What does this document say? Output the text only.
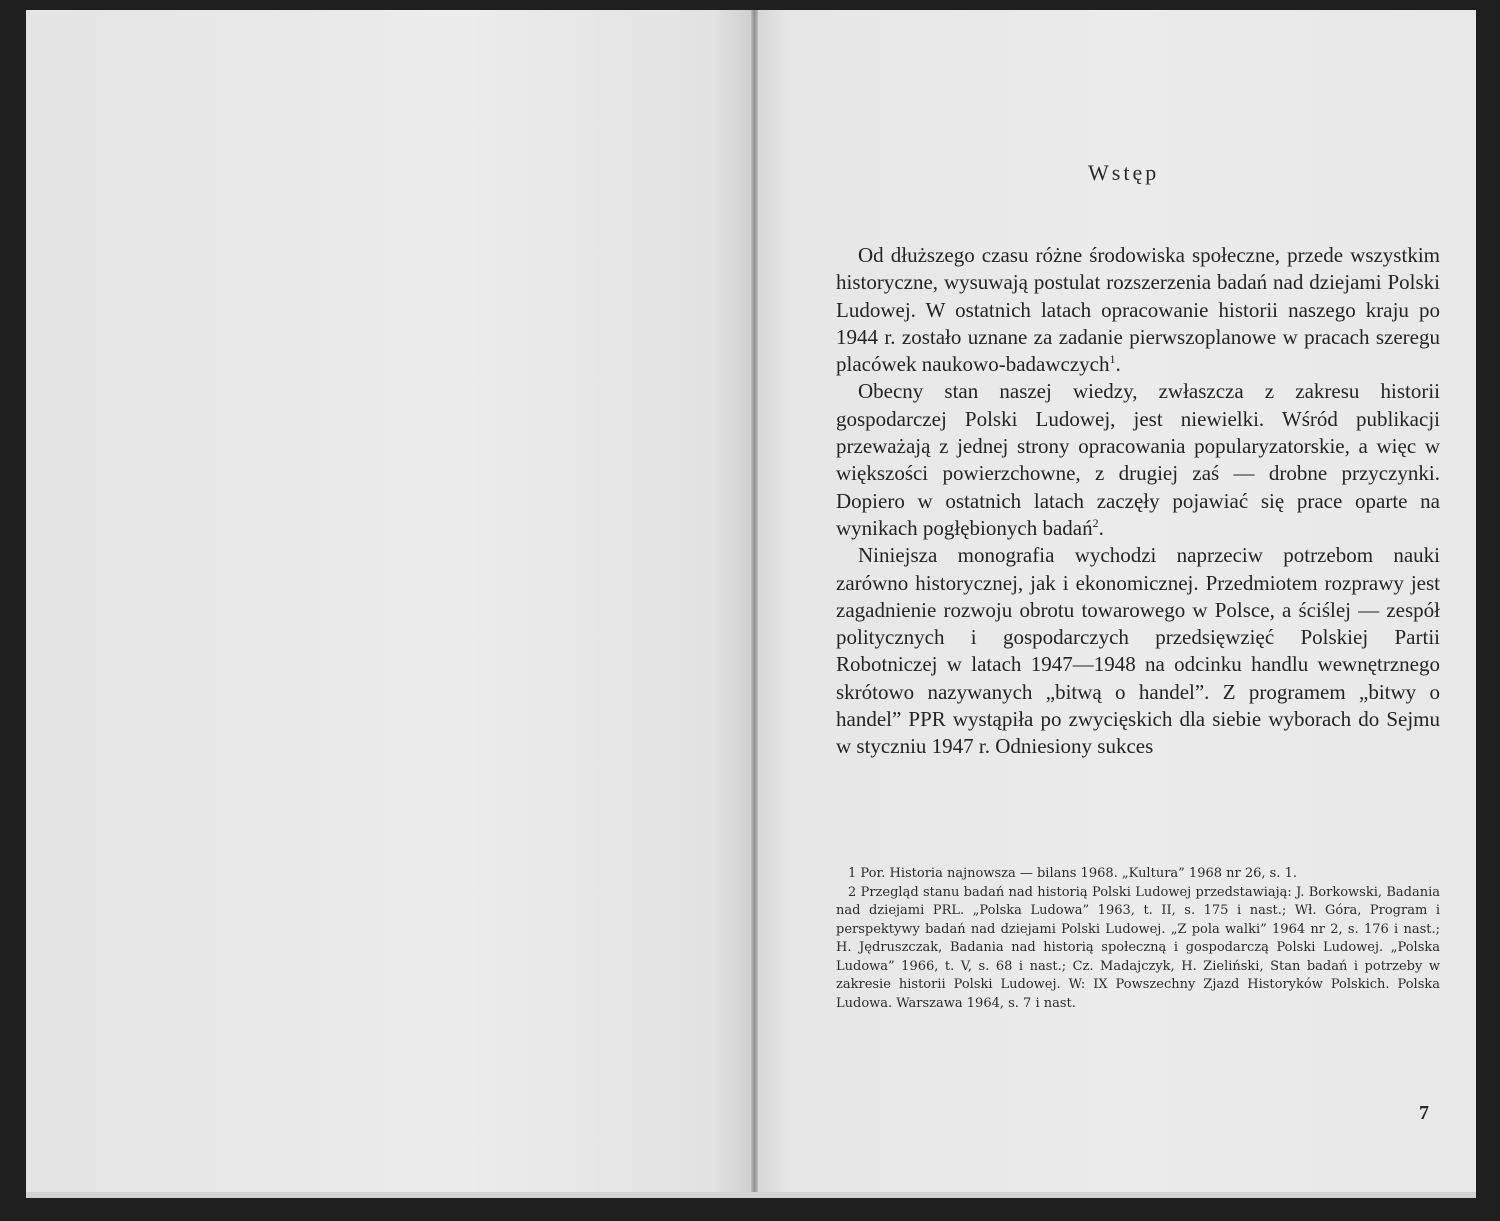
Wstęp

Od dłuższego czasu różne środowiska społeczne, przede wszystkim historyczne, wysuwają postulat rozszerzenia badań nad dziejami Polski Ludowej. W ostatnich latach opracowanie historii naszego kraju po 1944 r. zostało uznane za zadanie pierwszoplanowe w pracach szeregu placówek naukowo-badawczych$^1$.

Obecny stan naszej wiedzy, zwłaszcza z zakresu historii gospodarczej Polski Ludowej, jest niewielki. Wśród publikacji przeważają z jednej strony opracowania popularyzatorskie, a więc w większości powierzchowne, z drugiej zaś — drobne przyczynki. Dopiero w ostatnich latach zaczęły pojawiać się prace oparte na wynikach pogłębionych badań$^2$.

Niniejsza monografia wychodzi naprzeciw potrzebom nauki zarówno historycznej, jak i ekonomicznej. Przedmiotem rozprawy jest zagadnienie rozwoju obrotu towarowego w Polsce, a ściślej — zespół politycznych i gospodarczych przedsięwzięć Polskiej Partii Robotniczej w latach 1947—1948 na odcinku handlu wewnętrznego skrótowo nazywanych „bitwą o handel”. Z programem „bitwy o handel” PPR wystąpiła po zwycięskich dla siebie wyborach do Sejmu w styczniu 1947 r. Odniesiony sukces

1 Por. Historia najnowsza — bilans 1968. „Kultura” 1968 nr 26, s. 1.

2 Przegląd stanu badań nad historią Polski Ludowej przedstawiają: J. Borkowski, Badania nad dziejami PRL. „Polska Ludowa” 1963, t. II, s. 175 i nast.; Wł. Góra, Program i perspektywy badań nad dziejami Polski Ludowej. „Z pola walki” 1964 nr 2, s. 176 i nast.; H. Jędruszczak, Badania nad historią społeczną i gospodarczą Polski Ludowej. „Polska Ludowa” 1966, t. V, s. 68 i nast.; Cz. Madajczyk, H. Zieliński, Stan badań i potrzeby w zakresie historii Polski Ludowej. W: IX Powszechny Zjazd Historyków Polskich. Polska Ludowa. Warszawa 1964, s. 7 i nast.

7
